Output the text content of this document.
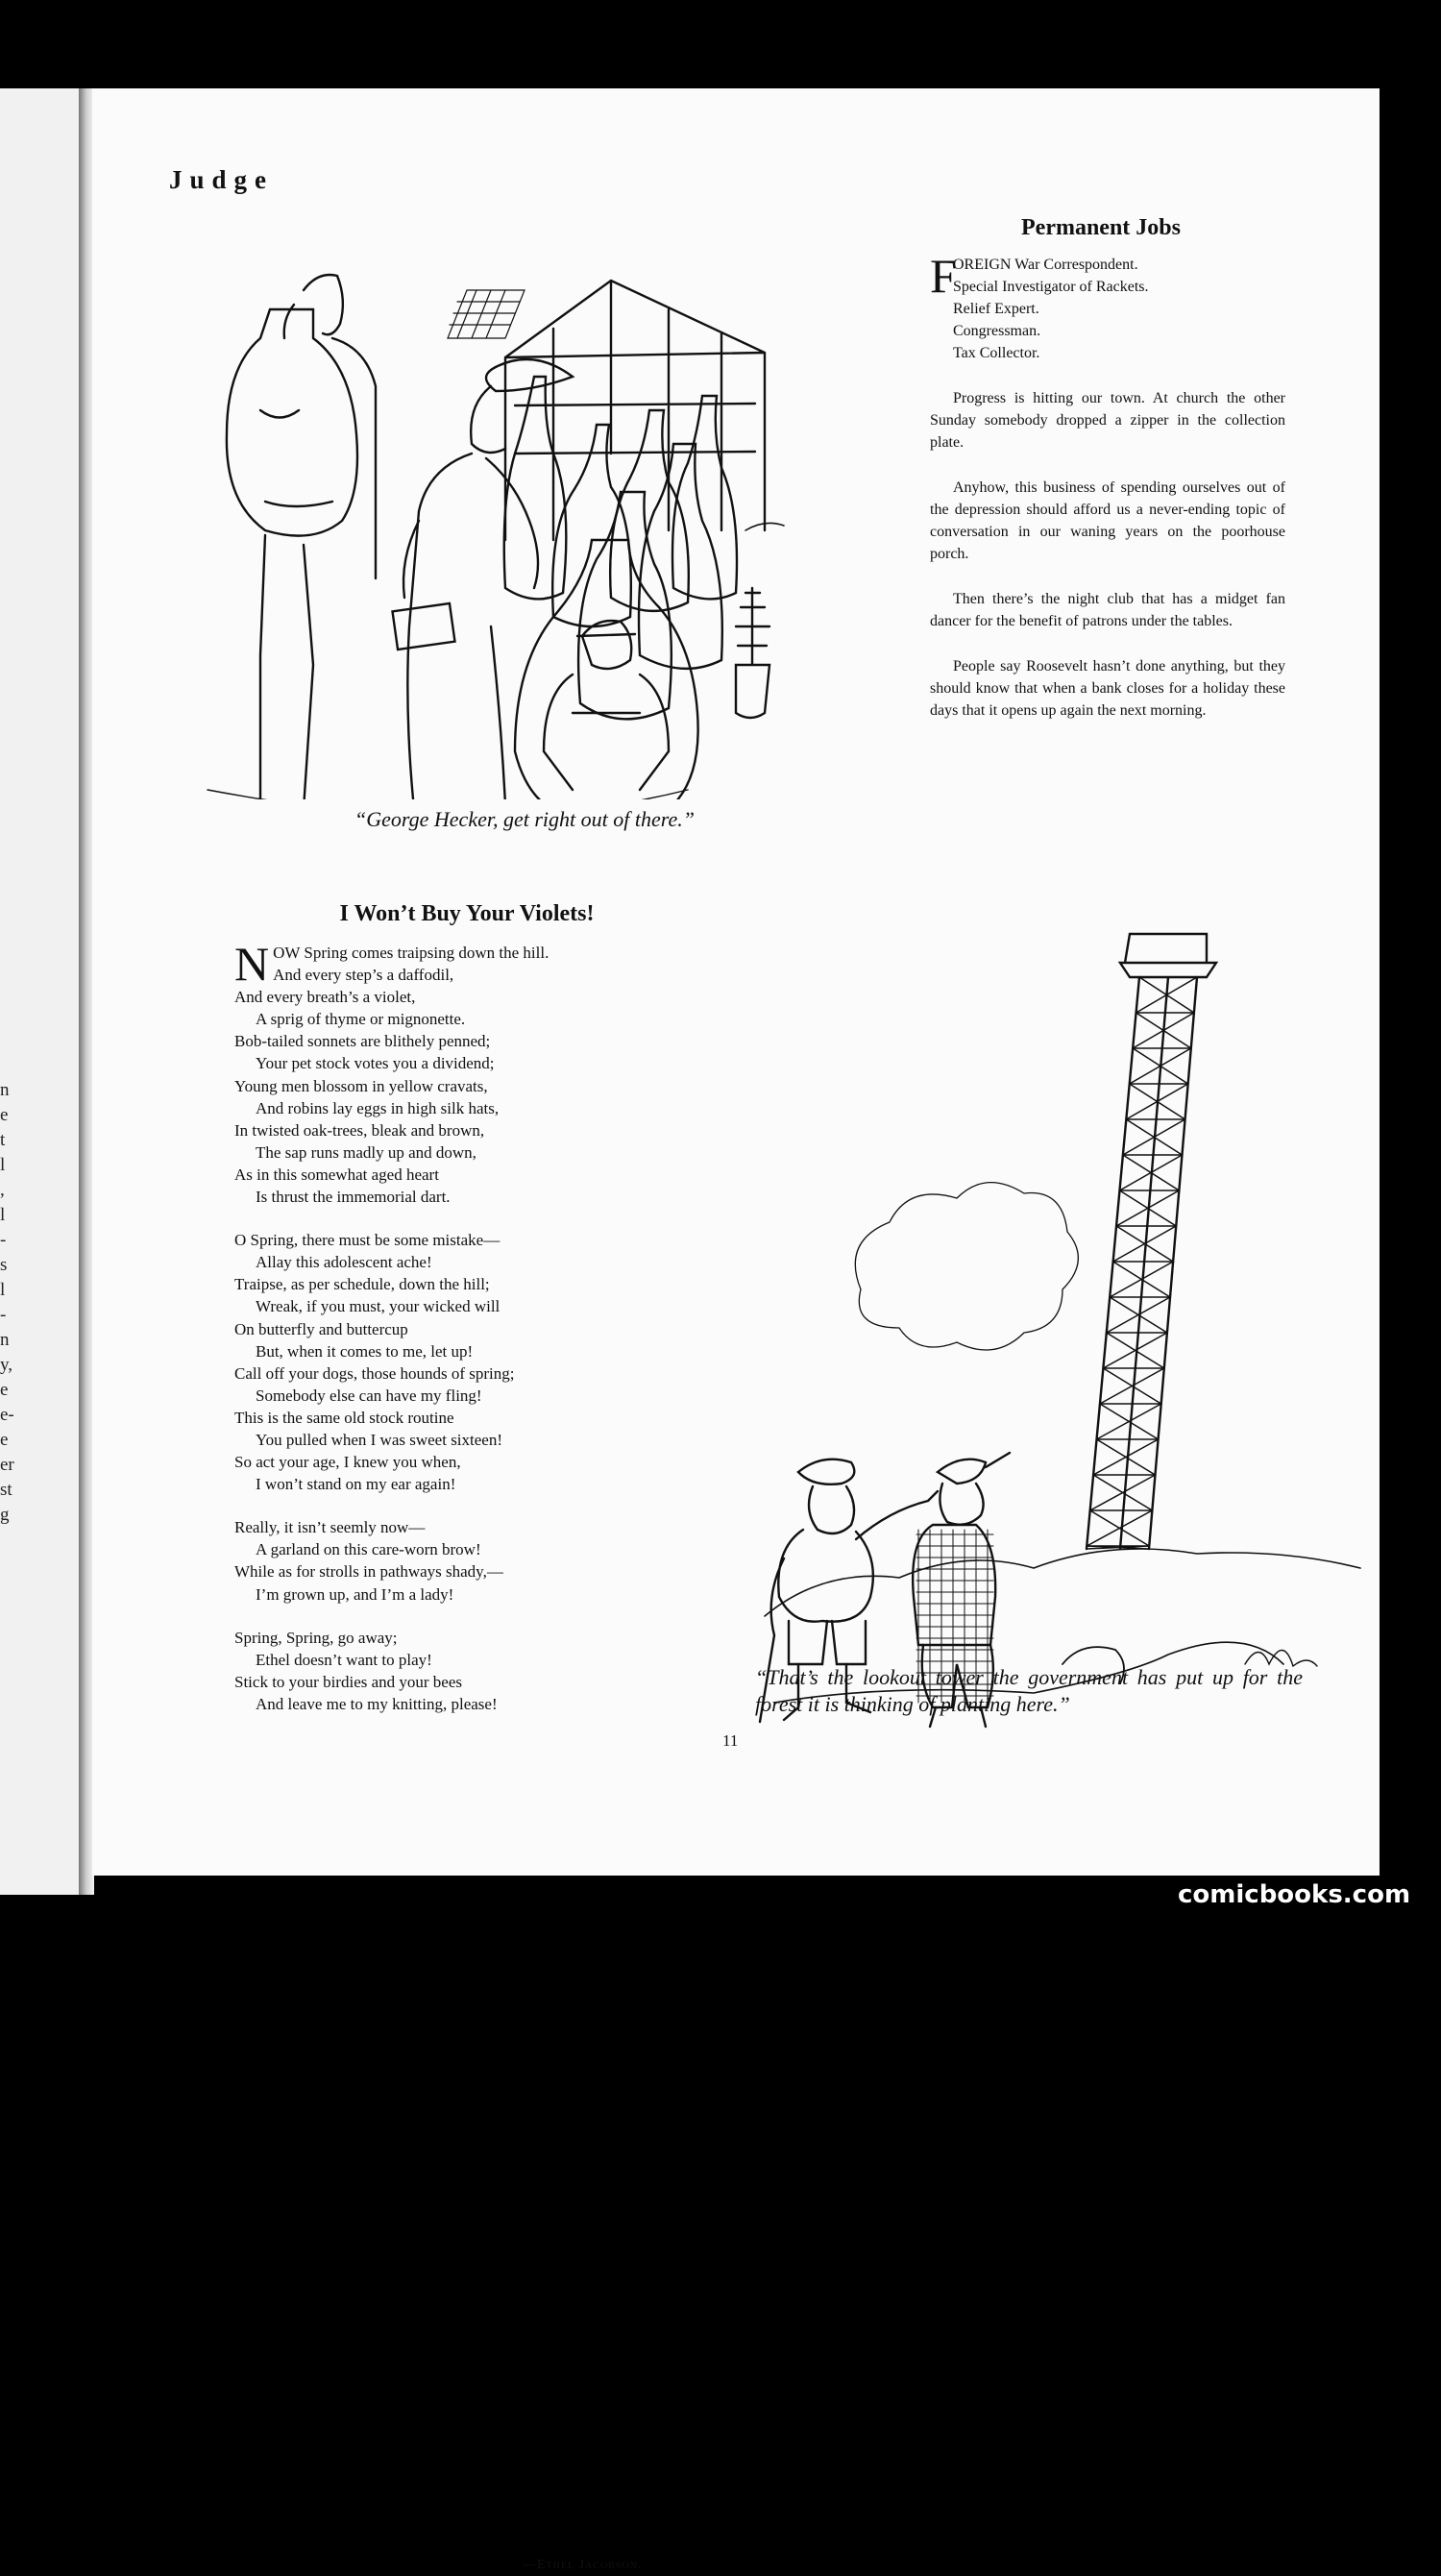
n
e
t
l
,
l
-
s
l
-
n
y,
e
e-
e
er
st
g
Judge
“George Hecker, get right out of there.”
Permanent Jobs
F
OREIGN War Correspondent.
Special Investigator of Rackets.
Relief Expert.
Congressman.
Tax Collector.

Progress is hitting our town. At church the other Sunday somebody dropped a zipper in the collection plate.

Anyhow, this business of spending ourselves out of the depression should afford us a never-ending topic of conversation in our waning years on the poorhouse porch.

Then there’s the night club that has a midget fan dancer for the benefit of patrons under the tables.

People say Roosevelt hasn’t done anything, but they should know that when a bank closes for a holiday these days that it opens up again the next morning.

I Won’t Buy Your Violets!
N OW Spring comes traipsing down the hill.
And every step’s a daffodil,
And every breath’s a violet,
A sprig of thyme or mignonette.
Bob-tailed sonnets are blithely penned;
Your pet stock votes you a dividend;
Young men blossom in yellow cravats,
And robins lay eggs in high silk hats,
In twisted oak-trees, bleak and brown,
The sap runs madly up and down,
As in this somewhat aged heart
Is thrust the immemorial dart.
O Spring, there must be some mistake—
Allay this adolescent ache!
Traipse, as per schedule, down the hill;
Wreak, if you must, your wicked will
On butterfly and buttercup
But, when it comes to me, let up!
Call off your dogs, those hounds of spring;
Somebody else can have my fling!
This is the same old stock routine
You pulled when I was sweet sixteen!
So act your age, I knew you when,
I won’t stand on my ear again!
Really, it isn’t seemly now—
A garland on this care-worn brow!
While as for strolls in pathways shady,—
I’m grown up, and I’m a lady!
Spring, Spring, go away;
Ethel doesn’t want to play!
Stick to your birdies and your bees
And leave me to my knitting, please!
—Ethel Jacobson.
“That’s the lookout tower the government has put up for the forest it is thinking of planting here.”
11
comicbooks.com
